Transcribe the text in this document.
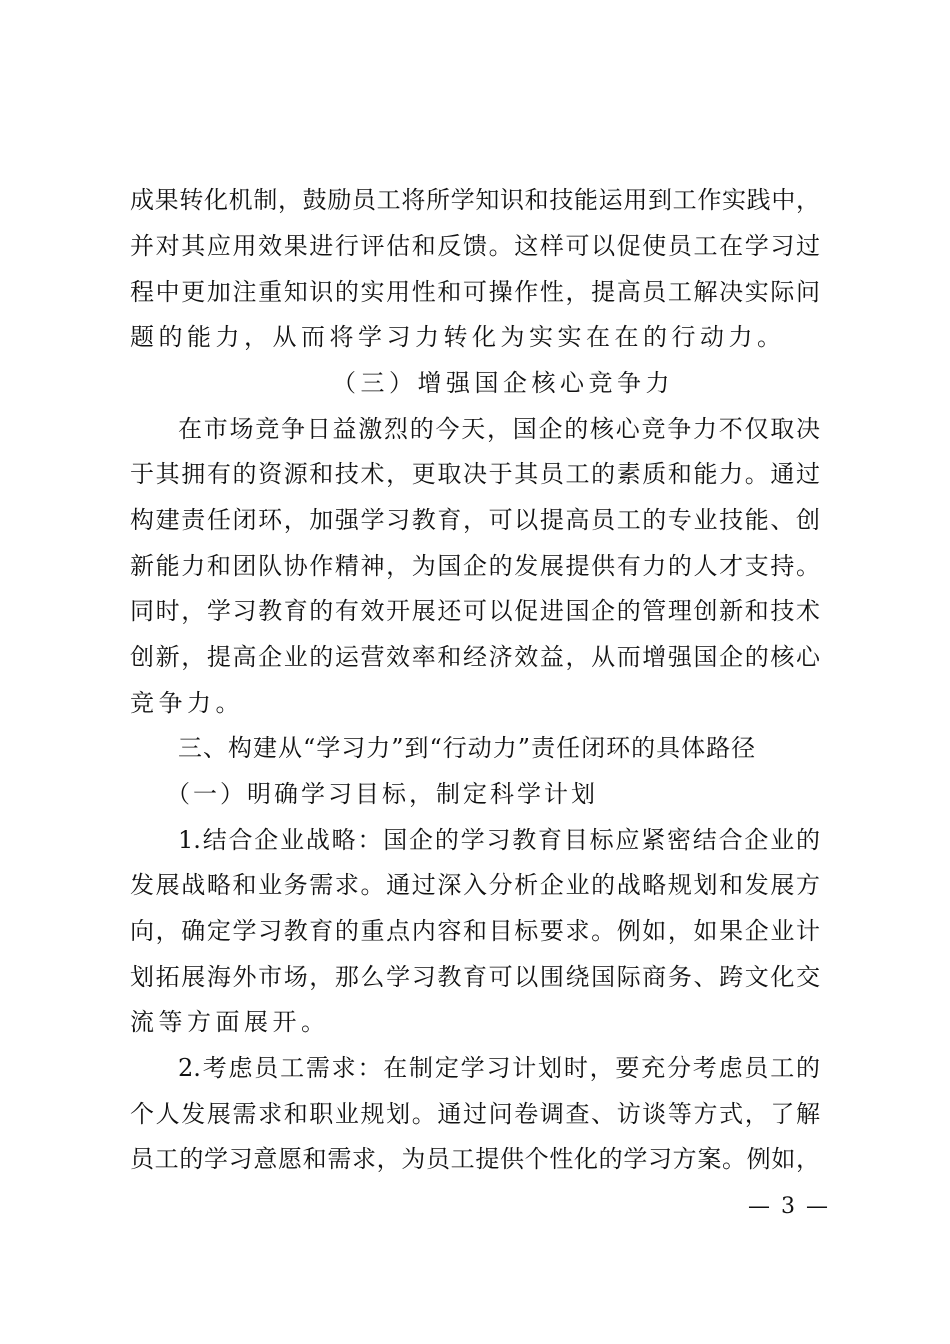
成果转化机制，鼓励员工将所学知识和技能运用到工作实践中，
并对其应用效果进行评估和反馈。这样可以促使员工在学习过
程中更加注重知识的实用性和可操作性，提高员工解决实际问
题的能力，从而将学习力转化为实实在在的行动力。
（三）增强国企核心竞争力
在市场竞争日益激烈的今天，国企的核心竞争力不仅取决
于其拥有的资源和技术，更取决于其员工的素质和能力。通过
构建责任闭环，加强学习教育，可以提高员工的专业技能、创
新能力和团队协作精神，为国企的发展提供有力的人才支持。
同时，学习教育的有效开展还可以促进国企的管理创新和技术
创新，提高企业的运营效率和经济效益，从而增强国企的核心
竞争力。
三、构建从“学习力”到“行动力”责任闭环的具体路径
（一）明确学习目标，制定科学计划
1.结合企业战略：国企的学习教育目标应紧密结合企业的
发展战略和业务需求。通过深入分析企业的战略规划和发展方
向，确定学习教育的重点内容和目标要求。例如，如果企业计
划拓展海外市场，那么学习教育可以围绕国际商务、跨文化交
流等方面展开。
2.考虑员工需求：在制定学习计划时，要充分考虑员工的
个人发展需求和职业规划。通过问卷调查、访谈等方式，了解
员工的学习意愿和需求，为员工提供个性化的学习方案。例如，
— 3 —
